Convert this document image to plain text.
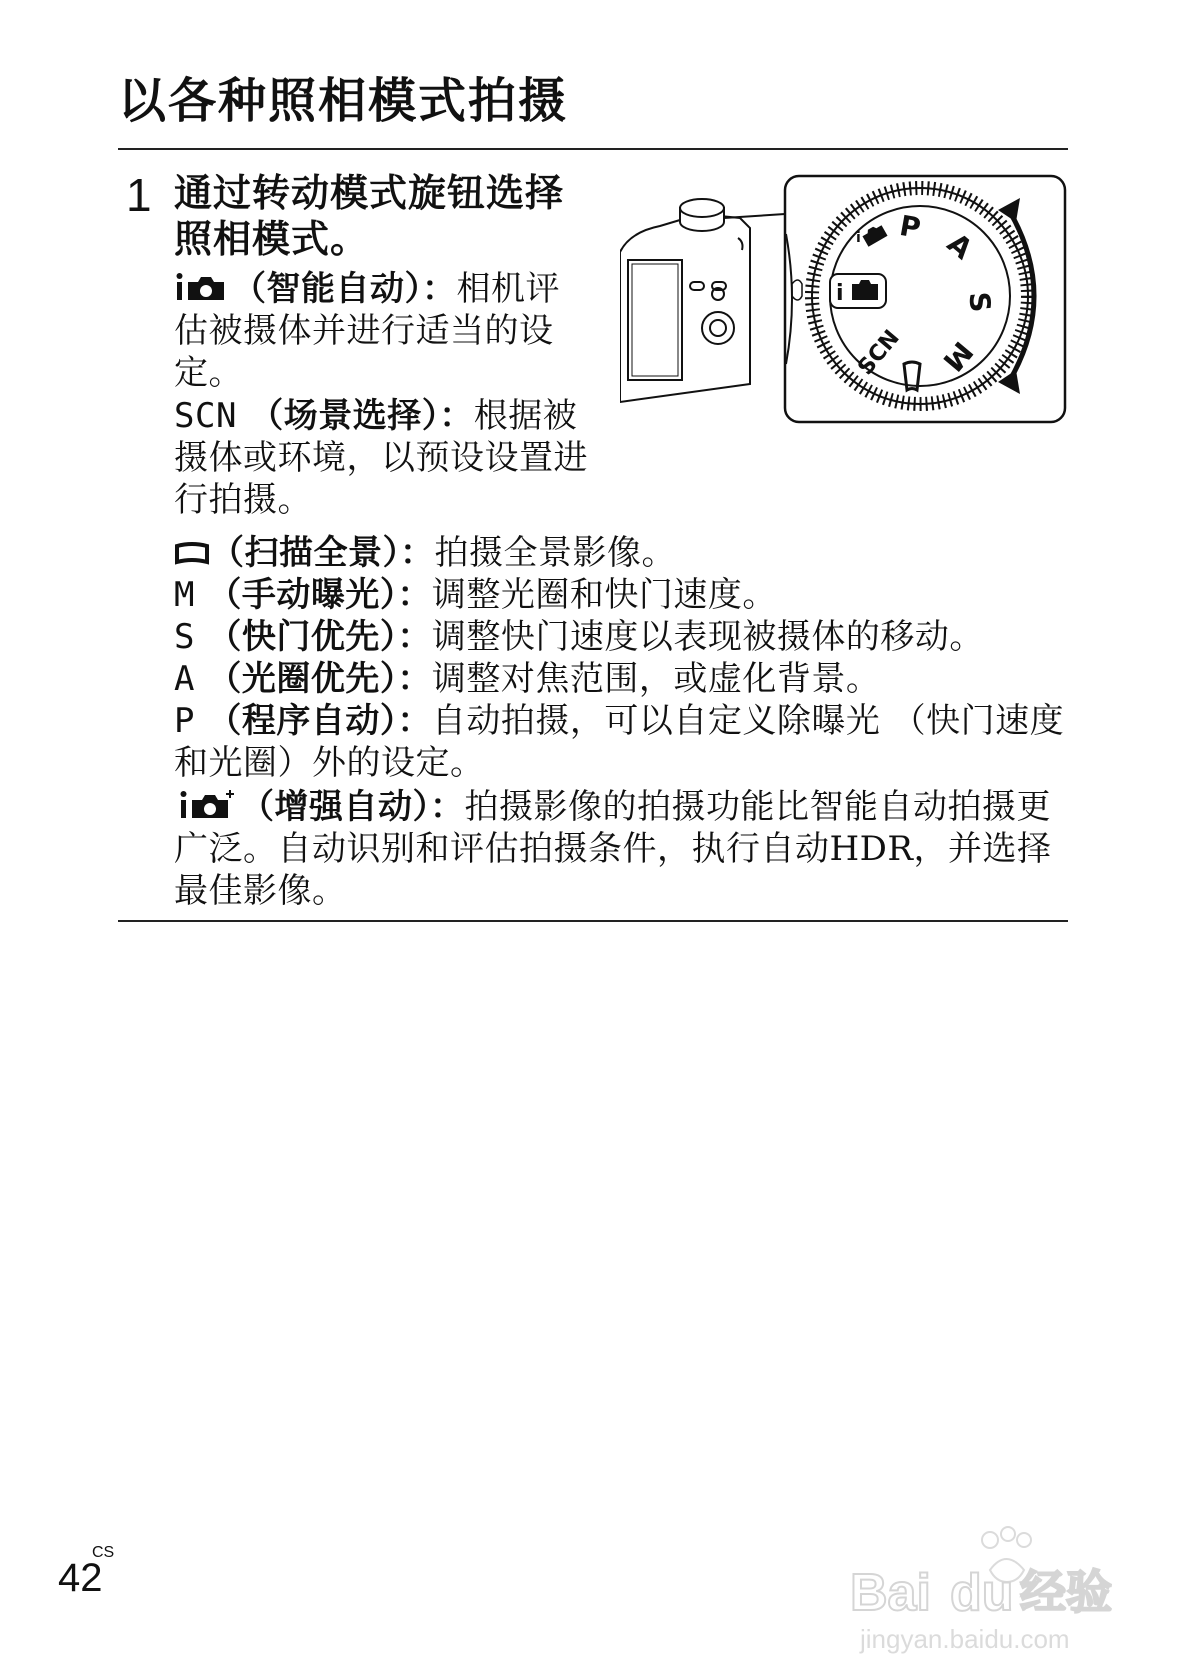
以各种照相模式拍摄
1 通过转动模式旋钮选择照相模式。
（智能自动）：相机评估被摄体并进行适当的设定。
SCN （场景选择）：根据被摄体或环境，以预设设置进行拍摄。
（扫描全景）：拍摄全景影像。
M （手动曝光）：调整光圈和快门速度。
S （快门优先）：调整快门速度以表现被摄体的移动。
A （光圈优先）：调整对焦范围，或虚化背景。
P （程序自动）：自动拍摄，可以自定义除曝光 （快门速度和光圈）外的设定。
（增强自动）：拍摄影像的拍摄功能比智能自动拍摄更广泛。自动识别和评估拍摄条件，执行自动HDR，并选择最佳影像。
i
P A
S
M
SCN
i
CS
42	Bai du 经验
jingyan.baidu.com
